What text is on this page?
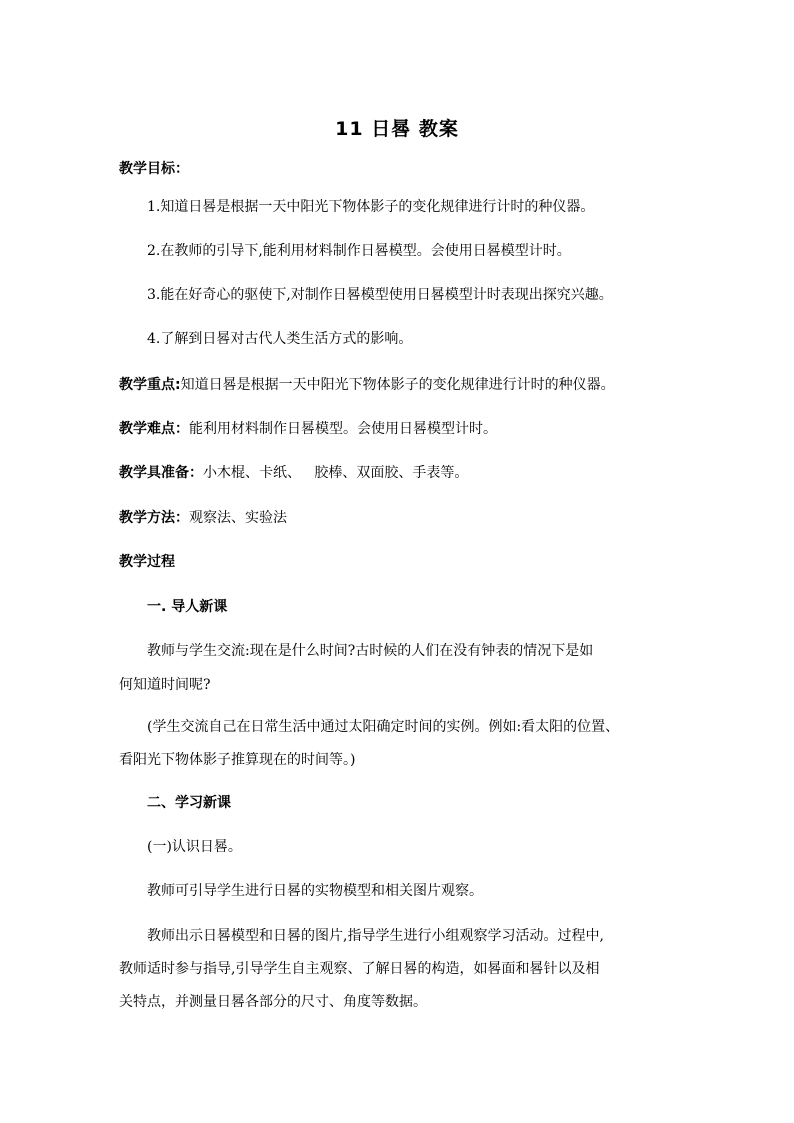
11 日晷 教案
教学目标：
1.知道日晷是根据一天中阳光下物体影子的变化规律进行计时的种仪器。
2.在教师的引导下,能利用材料制作日晷模型。会使用日晷模型计时。
3.能在好奇心的驱使下,对制作日晷模型使用日晷模型计时表现出探究兴趣。
4.了解到日晷对古代人类生活方式的影响。
教学重点:知道日晷是根据一天中阳光下物体影子的变化规律进行计时的种仪器。
教学难点：能利用材料制作日晷模型。会使用日晷模型计时。
教学具准备：小木棍、卡纸、   胶棒、双面胶、手表等。
教学方法：观察法、实验法
教学过程
一. 导人新课
教师与学生交流:现在是什么时间?古时候的人们在没有钟表的情况下是如
何知道时间呢?
(学生交流自己在日常生活中通过太阳确定时间的实例。例如:看太阳的位置、
看阳光下物体影子推算现在的时间等。)
二、学习新课
(一)认识日晷。
教师可引导学生进行日晷的实物模型和相关图片观察。
教师出示日晷模型和日晷的图片,指导学生进行小组观察学习活动。过程中,
教师适时参与指导,引导学生自主观察、了解日晷的构造，如晷面和晷针以及相
关特点，并测量日晷各部分的尺寸、角度等数据。
